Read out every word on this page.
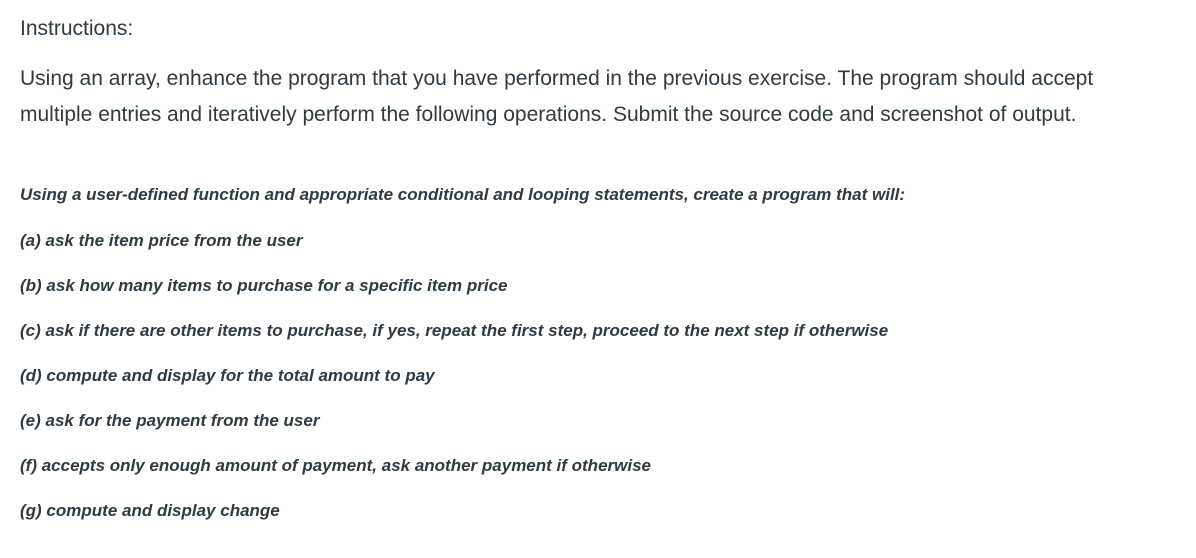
Instructions:

Using an array, enhance the program that you have performed in the previous exercise. The program should accept multiple entries and iteratively perform the following operations. Submit the source code and screenshot of output.

Using a user-defined function and appropriate conditional and looping statements, create a program that will:

(a) ask the item price from the user
(b) ask how many items to purchase for a specific item price
(c) ask if there are other items to purchase, if yes, repeat the first step, proceed to the next step if otherwise
(d) compute and display for the total amount to pay
(e) ask for the payment from the user
(f) accepts only enough amount of payment, ask another payment if otherwise
(g) compute and display change
